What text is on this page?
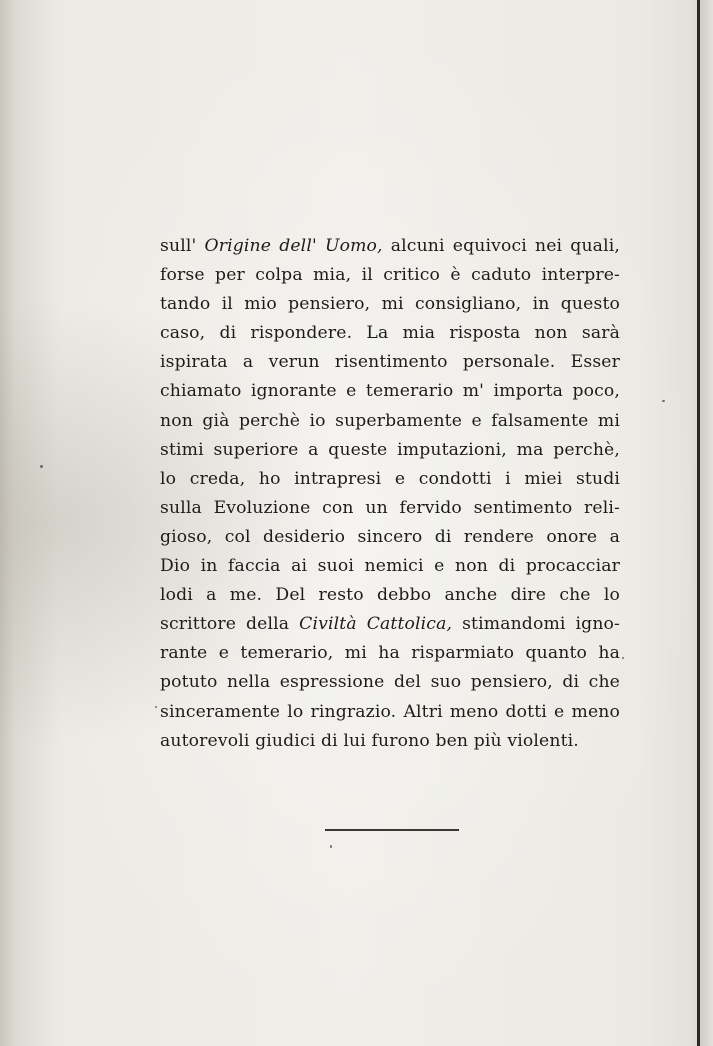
sull' Origine dell' Uomo, alcuni equivoci nei quali,
forse per colpa mia, il critico è caduto interpre-
tando il mio pensiero, mi consigliano, in questo
caso, di rispondere. La mia risposta non sarà
ispirata a verun risentimento personale. Esser
chiamato ignorante e temerario m' importa poco,
non già perchè io superbamente e falsamente mi
stimi superiore a queste imputazioni, ma perchè,
lo creda, ho intrapresi e condotti i miei studi
sulla Evoluzione con un fervido sentimento reli-
gioso, col desiderio sincero di rendere onore a
Dio in faccia ai suoi nemici e non di procacciar
lodi a me. Del resto debbo anche dire che lo
scrittore della Civiltà Cattolica, stimandomi igno-
rante e temerario, mi ha risparmiato quanto ha
potuto nella espressione del suo pensiero, di che
sinceramente lo ringrazio. Altri meno dotti e meno
autorevoli giudici di lui furono ben più violenti.
